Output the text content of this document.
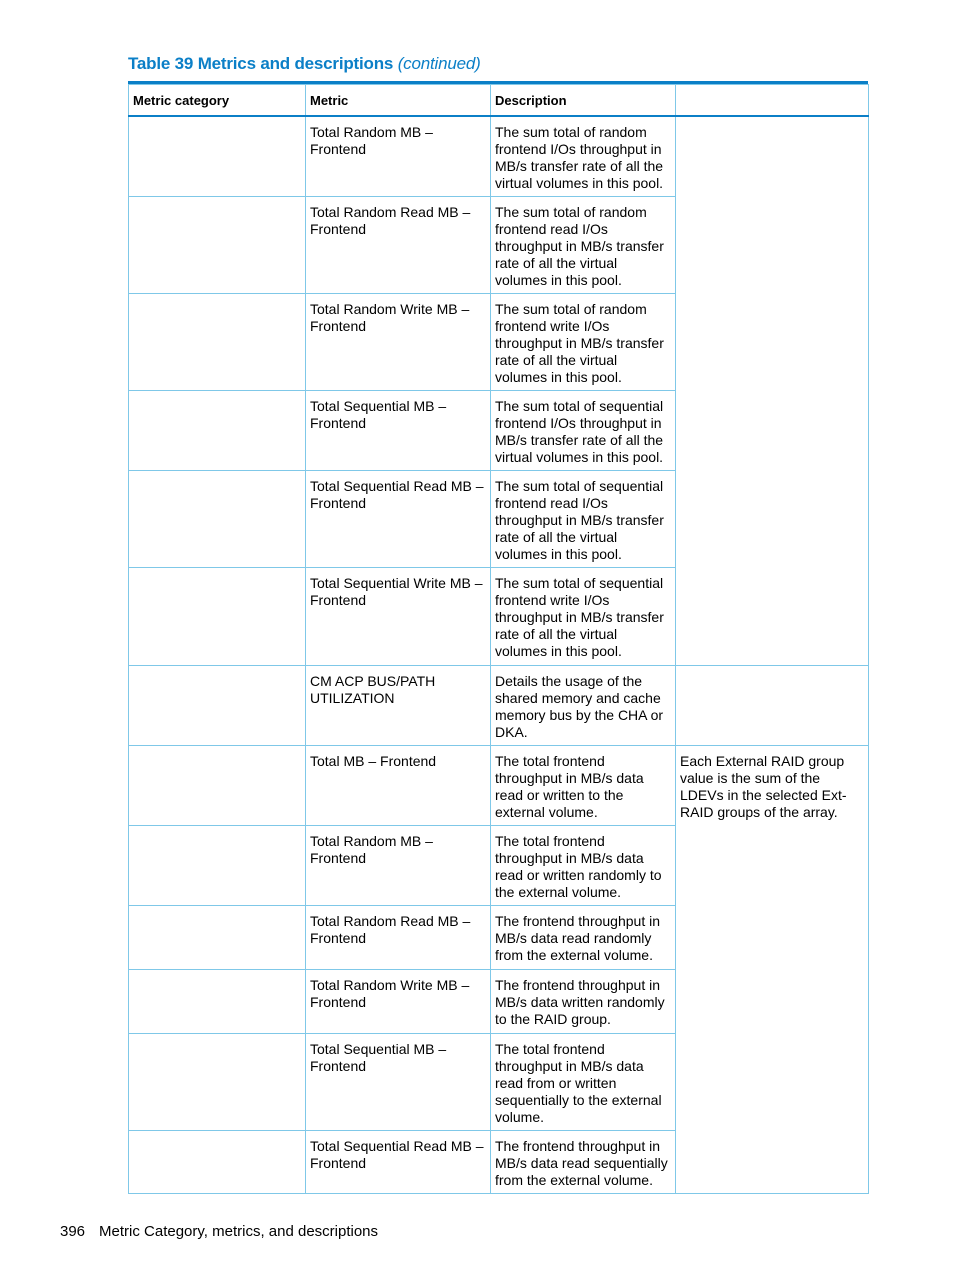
Table 39 Metrics and descriptions (continued)
Metric category	Metric	Description	
	Total Random MB – Frontend	The sum total of random frontend I/Os throughput in MB/s transfer rate of all the virtual volumes in this pool.	
	Total Random Read MB – Frontend	The sum total of random frontend read I/Os throughput in MB/s transfer rate of all the virtual volumes in this pool.	
	Total Random Write MB – Frontend	The sum total of random frontend write I/Os throughput in MB/s transfer rate of all the virtual volumes in this pool.	
	Total Sequential MB – Frontend	The sum total of sequential frontend I/Os throughput in MB/s transfer rate of all the virtual volumes in this pool.	
	Total Sequential Read MB – Frontend	The sum total of sequential frontend read I/Os throughput in MB/s transfer rate of all the virtual volumes in this pool.	
	Total Sequential Write MB – Frontend	The sum total of sequential frontend write I/Os throughput in MB/s transfer rate of all the virtual volumes in this pool.	
	CM ACP BUS/PATH UTILIZATION	Details the usage of the shared memory and cache memory bus by the CHA or DKA.	
	Total MB – Frontend	The total frontend throughput in MB/s data read or written to the external volume.	Each External RAID group value is the sum of the LDEVs in the selected Ext-RAID groups of the array.
	Total Random MB – Frontend	The total frontend throughput in MB/s data read or written randomly to the external volume.	
	Total Random Read MB – Frontend	The frontend throughput in MB/s data read randomly from the external volume.	
	Total Random Write MB – Frontend	The frontend throughput in MB/s data written randomly to the RAID group.	
	Total Sequential MB – Frontend	The total frontend throughput in MB/s data read from or written sequentially to the external volume.	
	Total Sequential Read MB – Frontend	The frontend throughput in MB/s data read sequentially from the external volume.	
396 Metric Category, metrics, and descriptions
